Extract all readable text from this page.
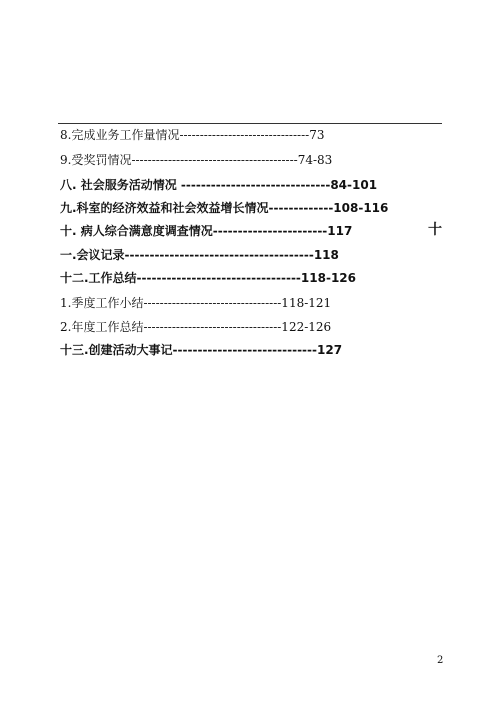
8.完成业务工作量情况--------------------------------73
9.受奖罚情况-----------------------------------------74-83
八. 社会服务活动情况 ------------------------------84-101
九.科室的经济效益和社会效益增长情况-------------108-116
十. 病人综合满意度调查情况-----------------------117	十
一.会议记录--------------------------------------118
十二.工作总结---------------------------------118-126
1.季度工作小结----------------------------------118-121
2.年度工作总结----------------------------------122-126
十三.创建活动大事记-----------------------------127
2
